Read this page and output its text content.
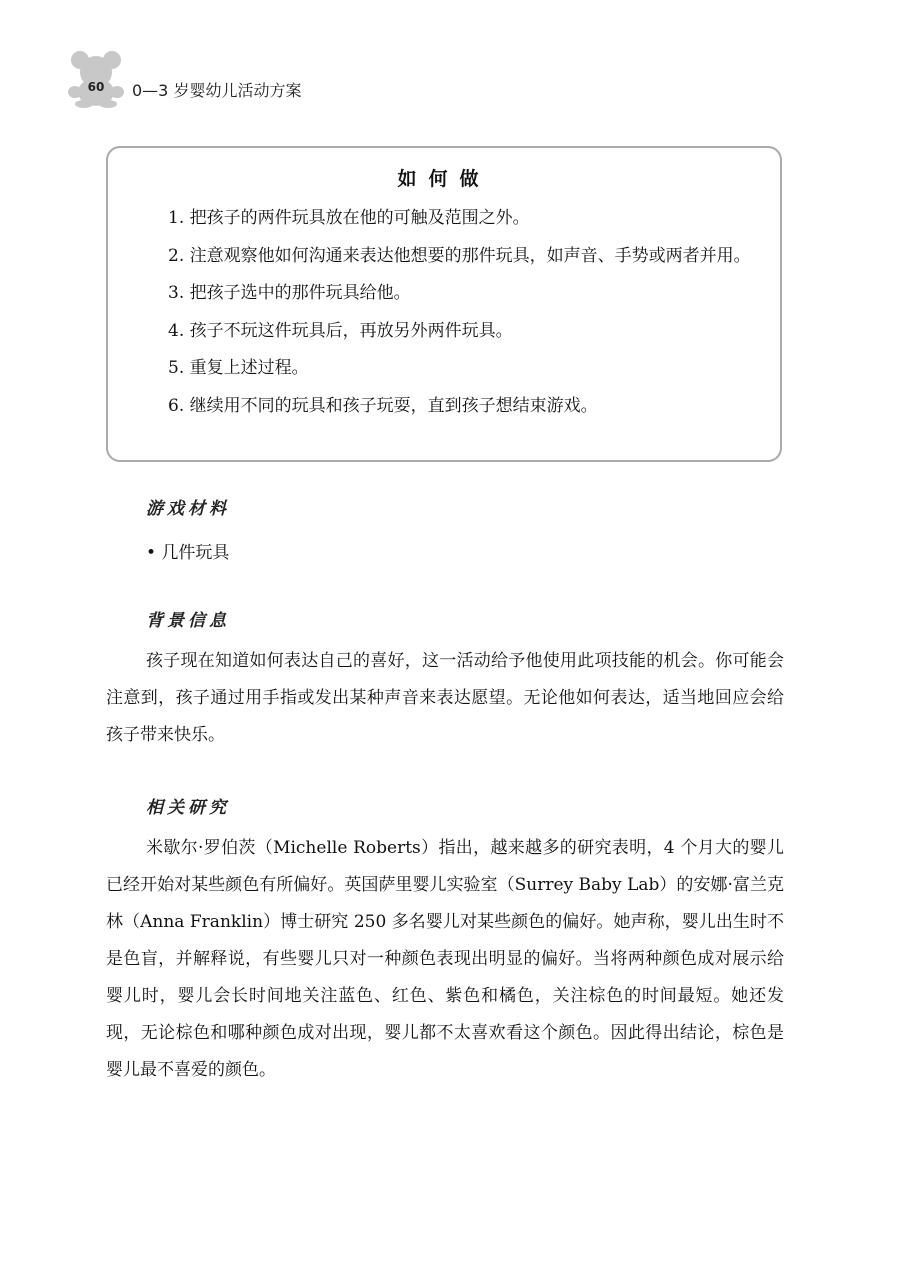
60	0—3 岁婴幼儿活动方案
如何做

1. 把孩子的两件玩具放在他的可触及范围之外。

2. 注意观察他如何沟通来表达他想要的那件玩具，如声音、手势或两者并用。

3. 把孩子选中的那件玩具给他。

4. 孩子不玩这件玩具后，再放另外两件玩具。

5. 重复上述过程。

6. 继续用不同的玩具和孩子玩耍，直到孩子想结束游戏。

游戏材料
• 几件玩具
背景信息

孩子现在知道如何表达自己的喜好，这一活动给予他使用此项技能的机会。你可能会注意到，孩子通过用手指或发出某种声音来表达愿望。无论他如何表达，适当地回应会给孩子带来快乐。

相关研究

米歇尔·罗伯茨（Michelle Roberts）指出，越来越多的研究表明，4 个月大的婴儿已经开始对某些颜色有所偏好。英国萨里婴儿实验室（Surrey Baby Lab）的安娜·富兰克林（Anna Franklin）博士研究 250 多名婴儿对某些颜色的偏好。她声称，婴儿出生时不是色盲，并解释说，有些婴儿只对一种颜色表现出明显的偏好。当将两种颜色成对展示给婴儿时，婴儿会长时间地关注蓝色、红色、紫色和橘色，关注棕色的时间最短。她还发现，无论棕色和哪种颜色成对出现，婴儿都不太喜欢看这个颜色。因此得出结论，棕色是婴儿最不喜爱的颜色。
